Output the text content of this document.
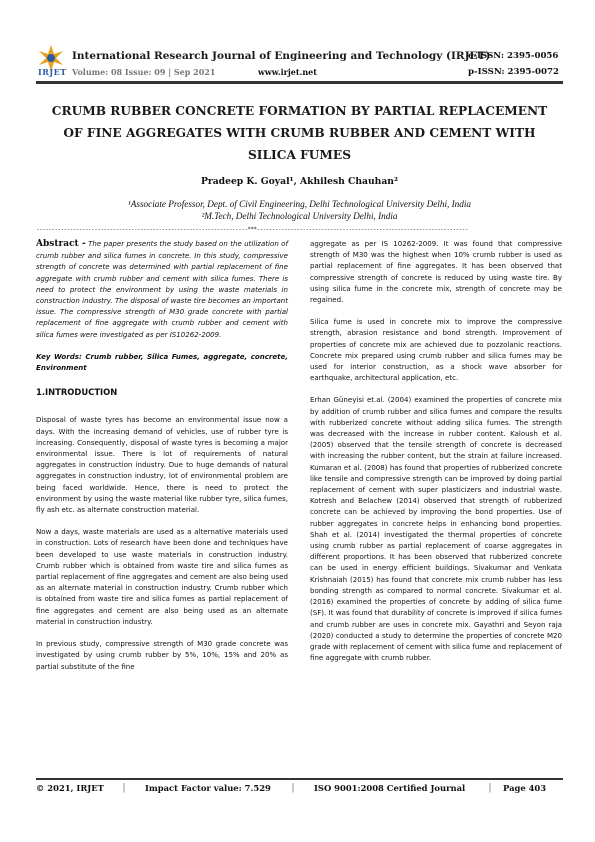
IRJET
International Research Journal of Engineering and Technology (IRJET)
e-ISSN: 2395-0056
Volume: 08 Issue: 09 | Sep 2021	www.irjet.net	p-ISSN: 2395-0072
CRUMB RUBBER CONCRETE FORMATION BY PARTIAL REPLACEMENT
OF FINE AGGREGATES WITH CRUMB RUBBER AND CEMENT WITH
SILICA FUMES
Pradeep K. Goyal¹, Akhilesh Chauhan²
¹Associate Professor, Dept. of Civil Engineering, Delhi Technological University Delhi, India
²M.Tech, Delhi Technological University Delhi, India
---------------------------------------------------------------------***---------------------------------------------------------------------

Abstract - The paper presents the study based on the utilization of crumb rubber and silica fumes in concrete. In this study, compressive strength of concrete was determined with partial replacement of fine aggregate with crumb rubber and cement with silica fumes. There is need to protect the environment by using the waste materials in construction industry. The disposal of waste tire becomes an important issue. The compressive strength of M30 grade concrete with partial replacement of fine aggregate with crumb rubber and cement with silica fumes were investigated as per IS10262-2009.

Key Words: Crumb rubber, Silica Fumes, aggregate, concrete, Environment

1.INTRODUCTION

Disposal of waste tyres has become an environmental issue now a days. With the increasing demand of vehicles, use of rubber tyre is increasing. Consequently, disposal of waste tyres is becoming a major environmental issue. There is lot of requirements of natural aggregates in construction industry. Due to huge demands of natural aggregates in construction industry, lot of environmental problem are being faced worldwide. Hence, there is need to protect the environment by using the waste material like rubber tyre, silica fumes, fly ash etc. as alternate construction material.

Now a days, waste materials are used as a alternative materials used in construction. Lots of research have been done and techniques have been developed to use waste materials in construction industry. Crumb rubber which is obtained from waste tire and silica fumes as partial replacement of fine aggregates and cement are also being used as an alternate material in construction industry. Crumb rubber which is obtained from waste tire and silica fumes as partial replacement of fine aggregates and cement are also being used as an alternate material in construction industry.

In previous study, compressive strength of M30 grade concrete was investigated by using crumb rubber by 5%, 10%, 15% and 20% as partial substitute of the fine

aggregate as per IS 10262-2009. It was found that compressive strength of M30 was the highest when 10% crumb rubber is used as partial replacement of fine aggregates. It has been observed that compressive strength of concrete is reduced by using waste tire. By using silica fume in the concrete mix, strength of concrete may be regained.

Silica fume is used in concrete mix to improve the compressive strength, abrasion resistance and bond strength. Improvement of properties of concrete mix are achieved due to pozzolanic reactions. Concrete mix prepared using crumb rubber and silica fumes may be used for interior construction, as a shock wave absorber for earthquake, architectural application, etc.

Erhan Güneyisi et.al. (2004) examined the properties of concrete mix by addition of crumb rubber and silica fumes and compare the results with rubberized concrete without adding silica fumes. The strength was decreased with the increase in rubber content. Kaloush et al. (2005) observed that the tensile strength of concrete is decreased with increasing the rubber content, but the strain at failure increased. Kumaran et al. (2008) has found that properties of rubberized concrete like tensile and compressive strength can be improved by doing partial replacement of cement with super plasticizers and industrial waste. Kotresh and Belachew (2014) observed that strength of rubberized concrete can be achieved by improving the bond properties. Use of rubber aggregates in concrete helps in enhancing bond properties. Shah et al. (2014) investigated the thermal properties of concrete using crumb rubber as partial replacement of coarse aggregates in different proportions. It has been observed that rubberized concrete can be used in energy efficient buildings. Sivakumar and Venkata Krishnaiah (2015) has found that concrete mix crumb rubber has less bonding strength as compared to normal concrete. Sivakumar et al. (2016) examined the properties of concrete by adding of silica fume (SF). It was found that durability of concrete is improved if silica fumes and crumb rubber are uses in concrete mix. Gayathri and Seyon raja (2020) conducted a study to determine the properties of concrete M20 grade with replacement of cement with silica fume and replacement of fine aggregate with crumb rubber.

© 2021, IRJET | Impact Factor value: 7.529 | ISO 9001:2008 Certified Journal | Page 403
